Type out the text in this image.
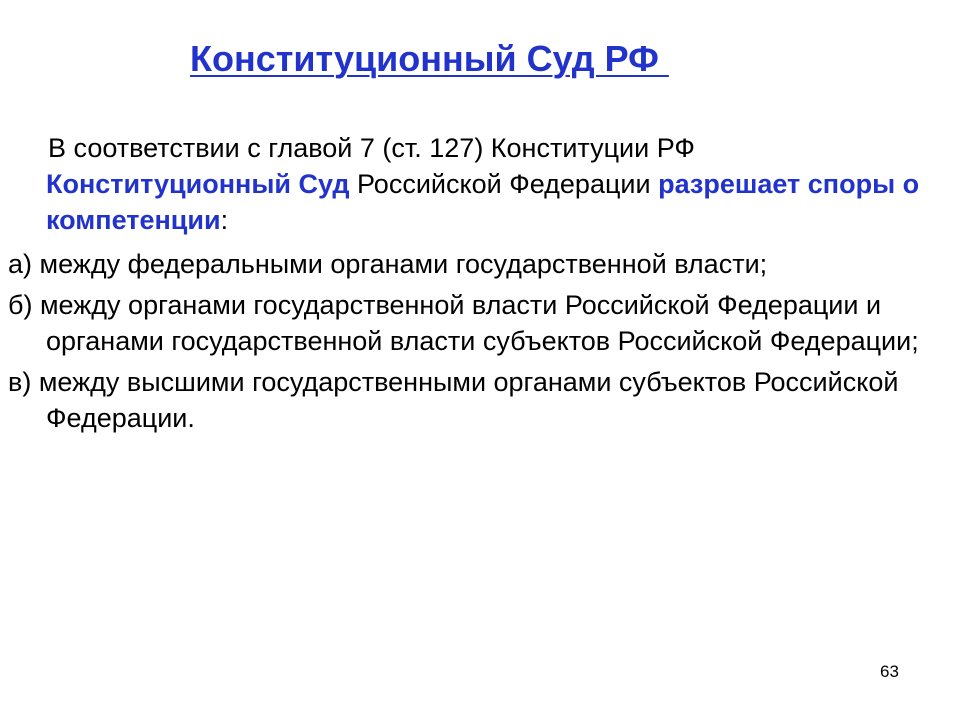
Конституционный Суд РФ

В соответствии с главой 7 (ст. 127) Конституции РФ
Конституционный Суд Российской Федерации разрешает споры о компетенции:

а) между федеральными органами государственной власти;

б) между органами государственной власти Российской Федерации и органами государственной власти субъектов Российской Федерации;

в) между высшими государственными органами субъектов Российской Федерации.

63
